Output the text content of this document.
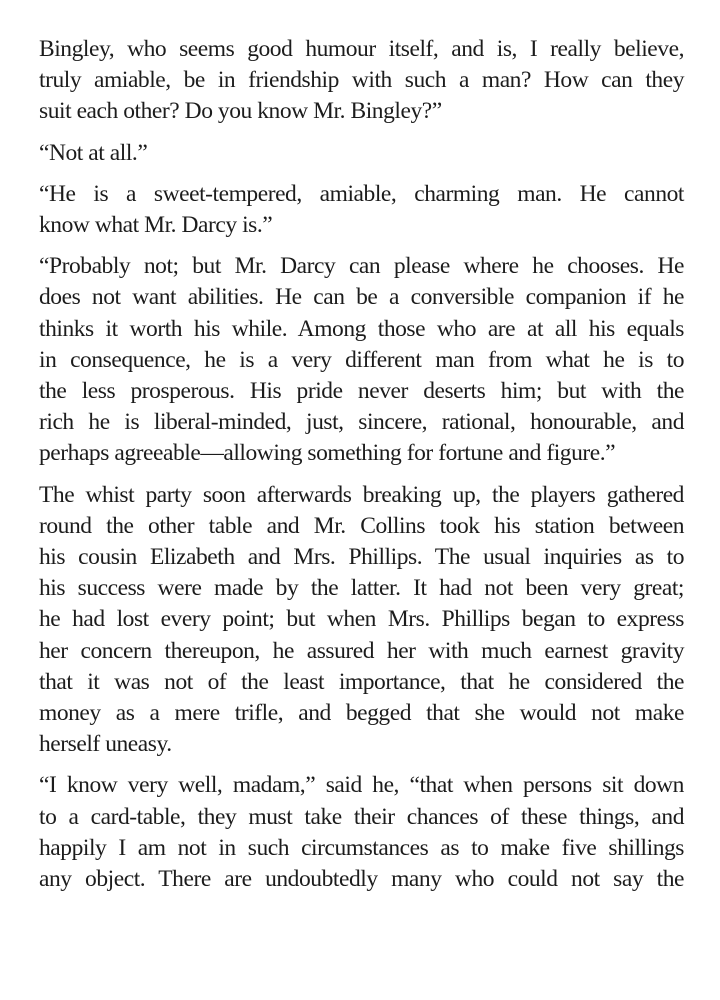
Bingley, who seems good humour itself, and is, I really believe,
truly amiable, be in friendship with such a man? How can they
suit each other? Do you know Mr. Bingley?”

“Not at all.”

“He is a sweet-tempered, amiable, charming man. He cannot
know what Mr. Darcy is.”

“Probably not; but Mr. Darcy can please where he chooses. He
does not want abilities. He can be a conversible companion if he
thinks it worth his while. Among those who are at all his equals
in consequence, he is a very different man from what he is to
the less prosperous. His pride never deserts him; but with the
rich he is liberal-minded, just, sincere, rational, honourable, and
perhaps agreeable—allowing something for fortune and figure.”

The whist party soon afterwards breaking up, the players gathered
round the other table and Mr. Collins took his station between
his cousin Elizabeth and Mrs. Phillips. The usual inquiries as to
his success were made by the latter. It had not been very great;
he had lost every point; but when Mrs. Phillips began to express
her concern thereupon, he assured her with much earnest gravity
that it was not of the least importance, that he considered the
money as a mere trifle, and begged that she would not make
herself uneasy.

“I know very well, madam,” said he, “that when persons sit down
to a card-table, they must take their chances of these things, and
happily I am not in such circumstances as to make five shillings
any object. There are undoubtedly many who could not say the
